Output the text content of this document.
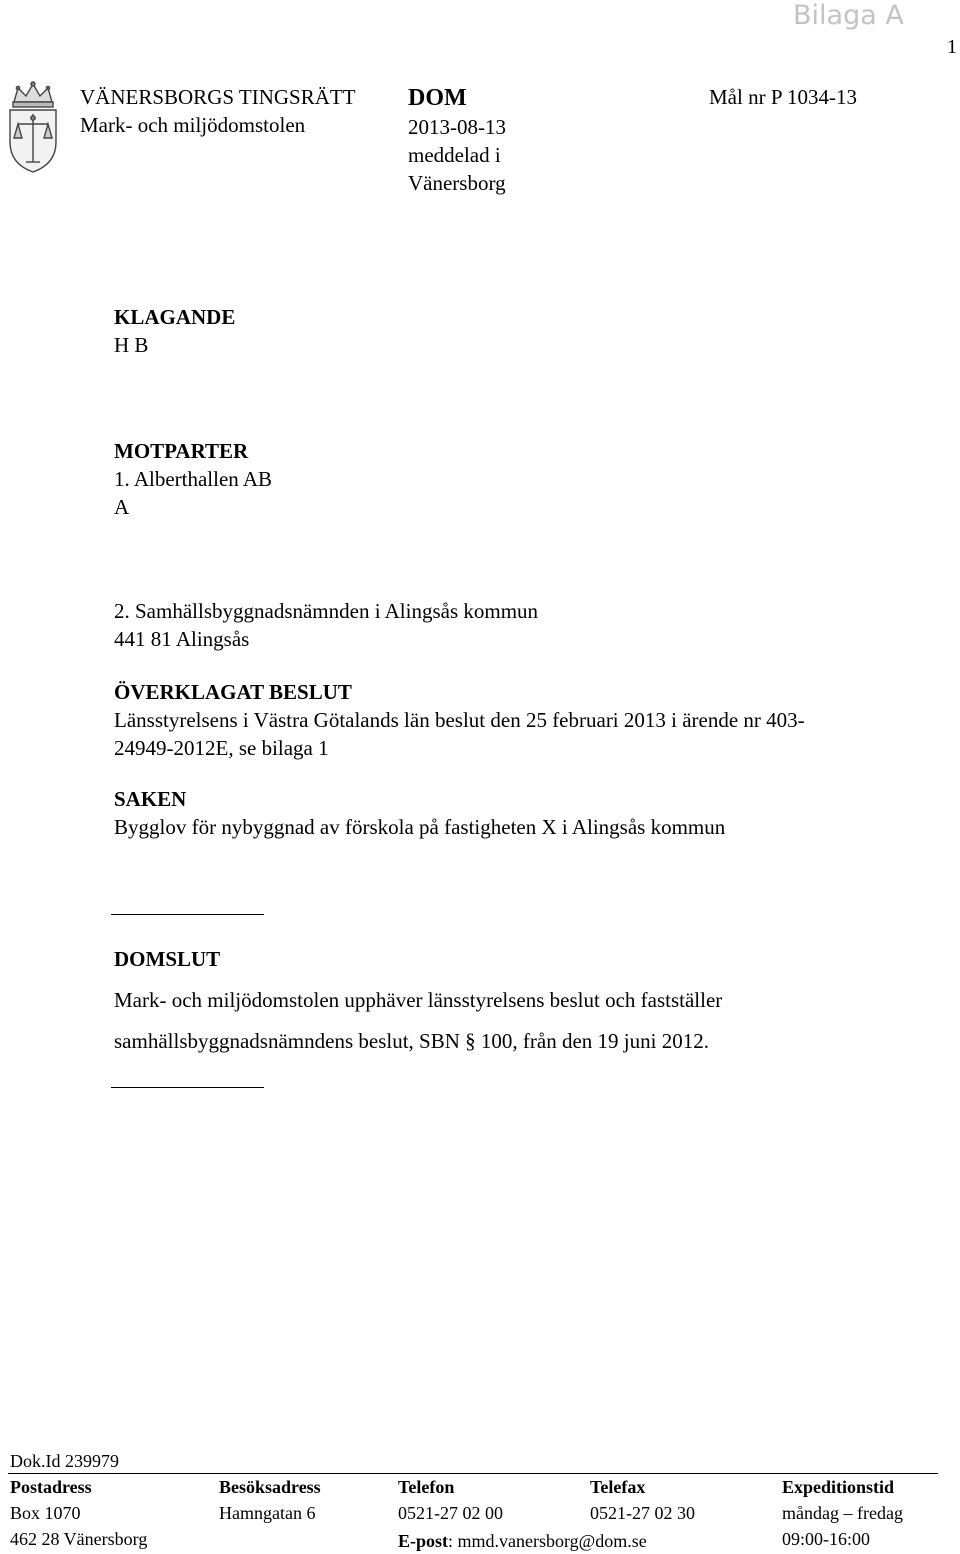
Bilaga A
1
VÄNERSBORGS TINGSRÄTT
Mark- och miljödomstolen
DOM
2013-08-13
meddelad i
Vänersborg
Mål nr P 1034-13
KLAGANDE
H B
MOTPARTER
1. Alberthallen AB
A
2. Samhällsbyggnadsnämnden i Alingsås kommun
441 81 Alingsås
ÖVERKLAGAT BESLUT
Länsstyrelsens i Västra Götalands län beslut den 25 februari 2013 i ärende nr 403-
24949-2012E, se bilaga 1
SAKEN
Bygglov för nybyggnad av förskola på fastigheten X i Alingsås kommun
DOMSLUT
Mark- och miljödomstolen upphäver länsstyrelsens beslut och fastställer
samhällsbyggnadsnämndens beslut, SBN § 100, från den 19 juni 2012.
Dok.Id 239979
Postadress
Box 1070
462 28 Vänersborg
Besöksadress
Hamngatan 6
Telefon
0521-27 02 00
E-post: mmd.vanersborg@dom.se
Telefax
0521-27 02 30
Expeditionstid
måndag – fredag
09:00-16:00
